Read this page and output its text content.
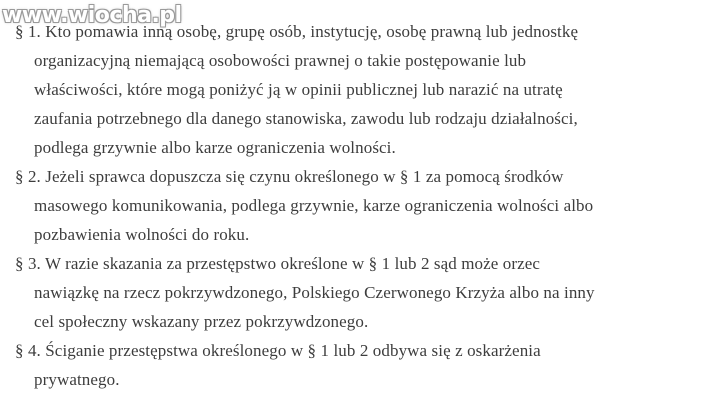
§ 1. Kto pomawia inną osobę, grupę osób, instytucję, osobę prawną lub jednostkę
organizacyjną niemającą osobowości prawnej o takie postępowanie lub
właściwości, które mogą poniżyć ją w opinii publicznej lub narazić na utratę
zaufania potrzebnego dla danego stanowiska, zawodu lub rodzaju działalności,
podlega grzywnie albo karze ograniczenia wolności.
§ 2. Jeżeli sprawca dopuszcza się czynu określonego w § 1 za pomocą środków
masowego komunikowania, podlega grzywnie, karze ograniczenia wolności albo
pozbawienia wolności do roku.
§ 3. W razie skazania za przestępstwo określone w § 1 lub 2 sąd może orzec
nawiązkę na rzecz pokrzywdzonego, Polskiego Czerwonego Krzyża albo na inny
cel społeczny wskazany przez pokrzywdzonego.
§ 4. Ściganie przestępstwa określonego w § 1 lub 2 odbywa się z oskarżenia
prywatnego.
www.wiocha.pl
